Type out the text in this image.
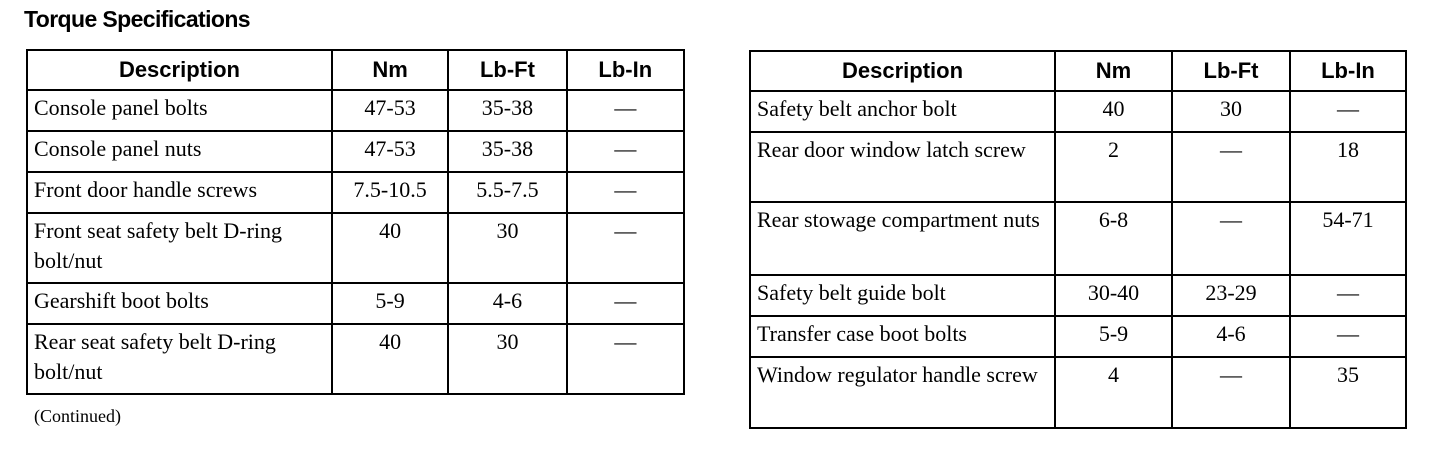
Torque Specifications
Description	Nm	Lb-Ft	Lb-In
Console panel bolts	47-53	35-38	—
Console panel nuts	47-53	35-38	—
Front door handle screws	7.5-10.5	5.5-7.5	—
Front seat safety belt D-ring bolt/nut	40	30	—
Gearshift boot bolts	5-9	4-6	—
Rear seat safety belt D-ring bolt/nut	40	30	—
(Continued)
Description	Nm	Lb-Ft	Lb-In
Safety belt anchor bolt	40	30	—
Rear door window latch screw	2	—	18
Rear stowage compartment nuts	6-8	—	54-71
Safety belt guide bolt	30-40	23-29	—
Transfer case boot bolts	5-9	4-6	—
Window regulator handle screw	4	—	35
